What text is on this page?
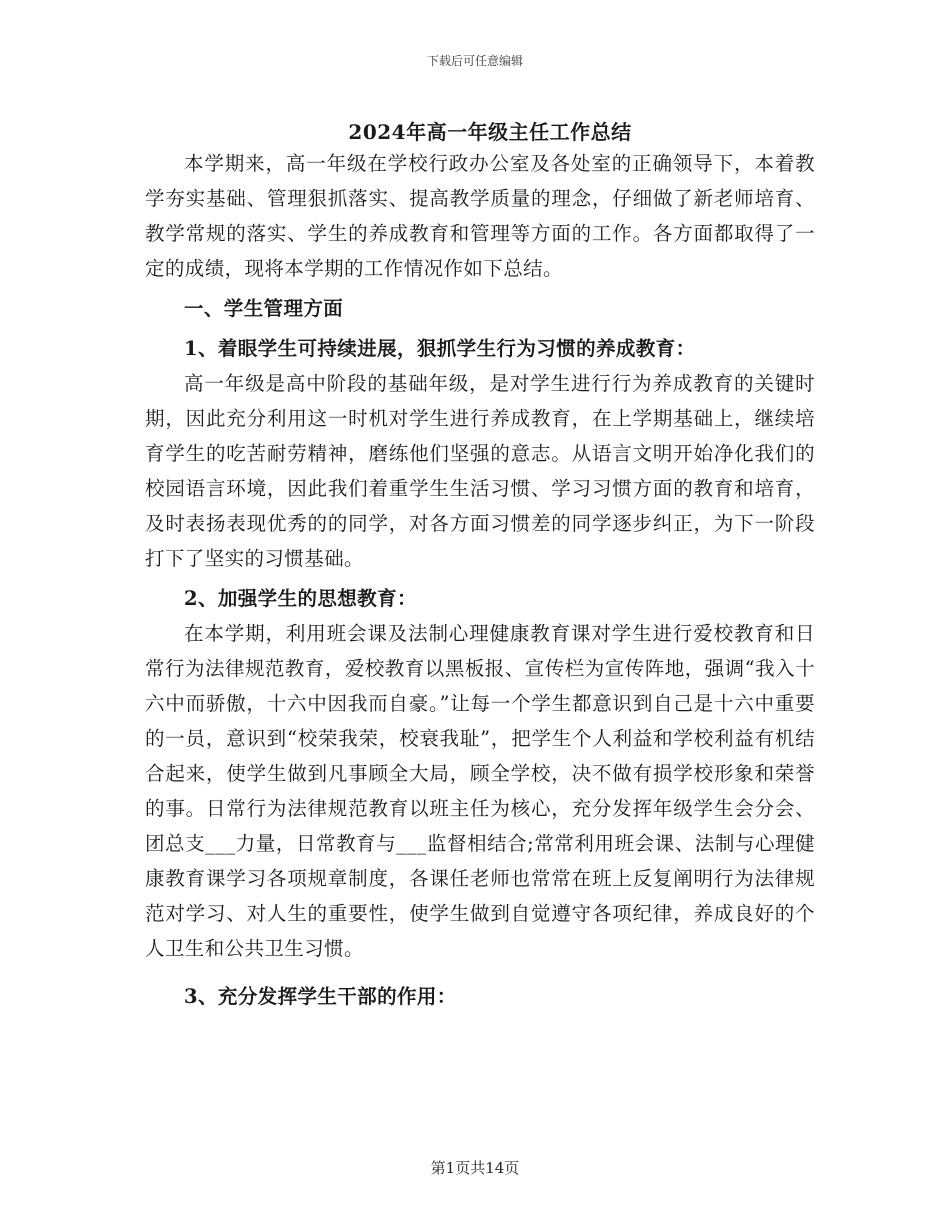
下载后可任意编辑
2024年高一年级主任工作总结

本学期来，高一年级在学校行政办公室及各处室的正确领导下，本着教学夯实基础、管理狠抓落实、提高教学质量的理念，仔细做了新老师培育、教学常规的落实、学生的养成教育和管理等方面的工作。各方面都取得了一定的成绩，现将本学期的工作情况作如下总结。

一、学生管理方面

1、着眼学生可持续进展，狠抓学生行为习惯的养成教育：

高一年级是高中阶段的基础年级，是对学生进行行为养成教育的关键时期，因此充分利用这一时机对学生进行养成教育，在上学期基础上，继续培育学生的吃苦耐劳精神，磨练他们坚强的意志。从语言文明开始净化我们的校园语言环境，因此我们着重学生生活习惯、学习习惯方面的教育和培育，及时表扬表现优秀的的同学，对各方面习惯差的同学逐步纠正，为下一阶段打下了坚实的习惯基础。

2、加强学生的思想教育：

在本学期，利用班会课及法制心理健康教育课对学生进行爱校教育和日常行为法律规范教育，爱校教育以黑板报、宣传栏为宣传阵地，强调“我入十六中而骄傲，十六中因我而自豪。”让每一个学生都意识到自己是十六中重要的一员，意识到“校荣我荣，校衰我耻”，把学生个人利益和学校利益有机结合起来，使学生做到凡事顾全大局，顾全学校，决不做有损学校形象和荣誉的事。日常行为法律规范教育以班主任为核心，充分发挥年级学生会分会、团总支___力量，日常教育与___监督相结合;常常利用班会课、法制与心理健康教育课学习各项规章制度，各课任老师也常常在班上反复阐明行为法律规范对学习、对人生的重要性，使学生做到自觉遵守各项纪律，养成良好的个人卫生和公共卫生习惯。

3、充分发挥学生干部的作用：

第1页共14页
